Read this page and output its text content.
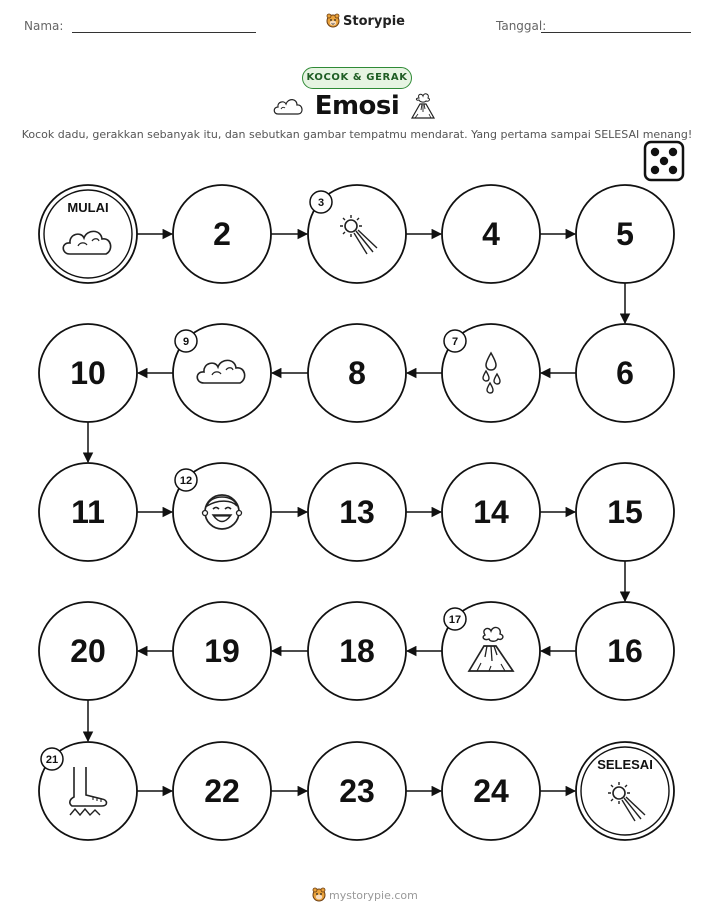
Nama:	Storypie	Tanggal:
KOCOK & GERAK
Emosi
Kocok dadu, gerakkan sebanyak itu, dan sebutkan gambar tempatmu mendarat. Yang pertama sampai SELESAI menang!
MULAI
2
3
4	5
6
7
8
9
10
11
12
13	14	15
16
17
18
19
20
21
22	23	24
SELESAI
mystorypie.com
